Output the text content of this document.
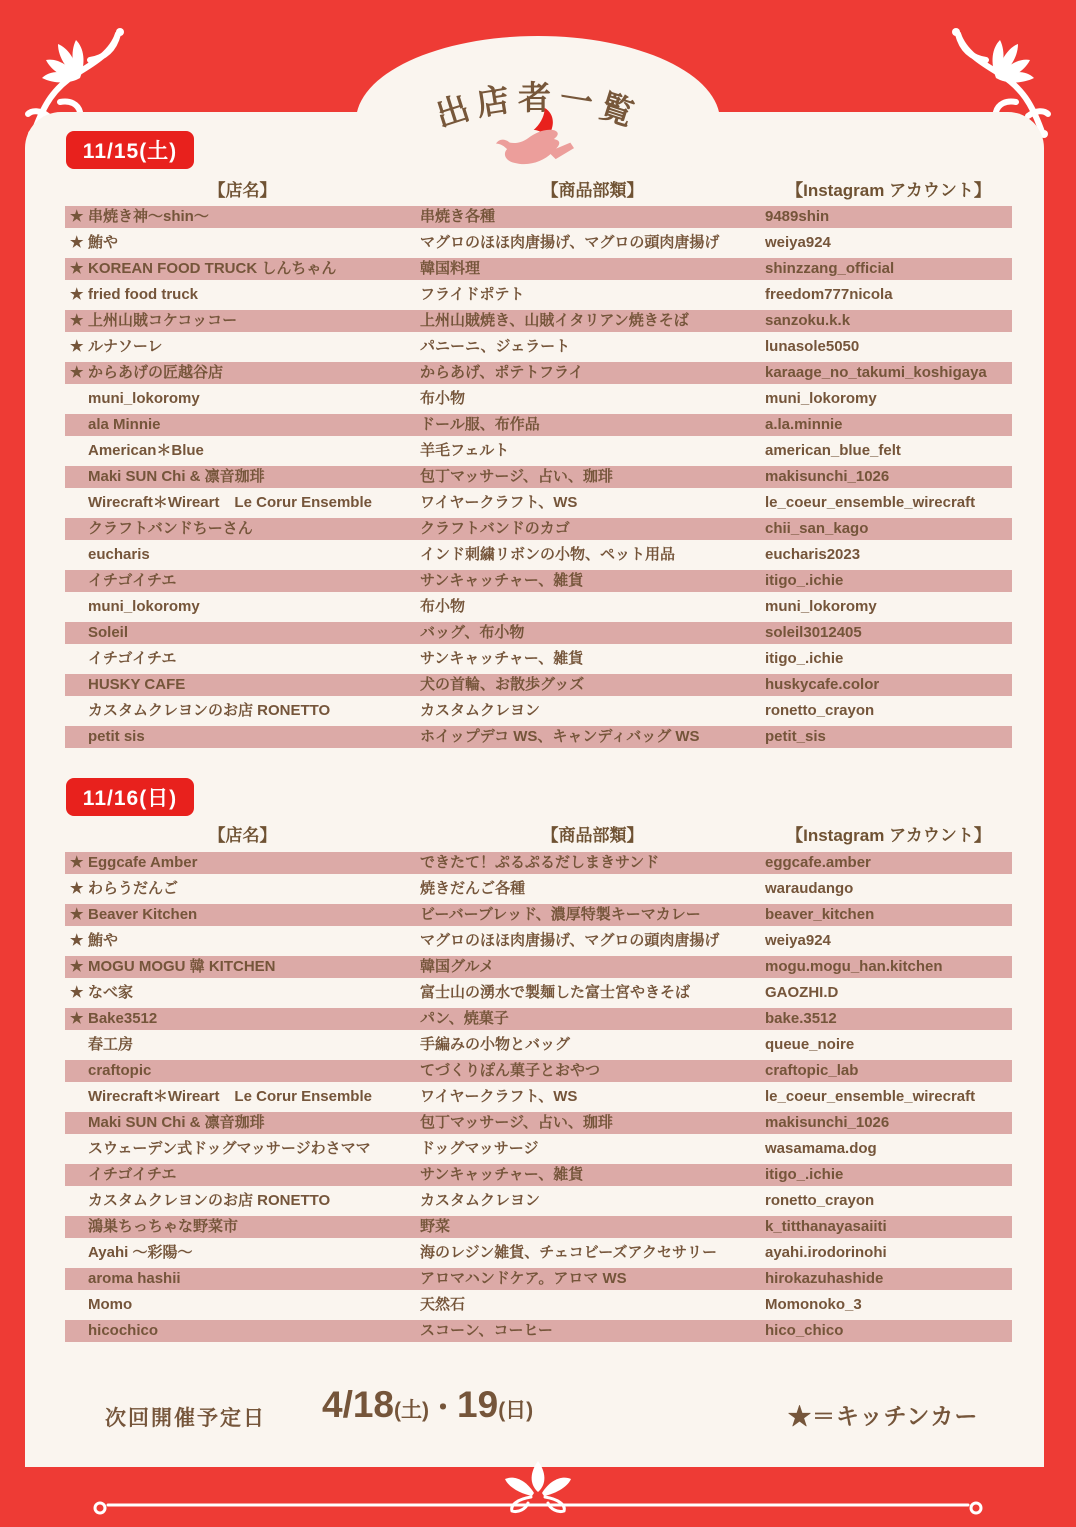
出店者一覧
11/15(土)
【店名】	【商品部類】	【Instagram アカウント】
★ 串焼き神～shin～	串焼き各種	9489shin
★ 鮪や	マグロのほほ肉唐揚げ、マグロの頭肉唐揚げ	weiya924
★ KOREAN FOOD TRUCK しんちゃん	韓国料理	shinzzang_official
★ fried food truck	フライドポテト	freedom777nicola
★ 上州山賊コケコッコー	上州山賊焼き、山賊イタリアン焼きそば	sanzoku.k.k
★ ルナソーレ	パニーニ、ジェラート	lunasole5050
★ からあげの匠越谷店	からあげ、ポテトフライ	karaage_no_takumi_koshigaya
muni_lokoromy	布小物	muni_lokoromy
ala Minnie	ドール服、布作品	a.la.minnie
American＊Blue	羊毛フェルト	american_blue_felt
Maki SUN Chi & 凛音珈琲	包丁マッサージ、占い、珈琲	makisunchi_1026
Wirecraft＊Wireart　Le Corur Ensemble	ワイヤークラフト、WS	le_coeur_ensemble_wirecraft
クラフトバンドちーさん	クラフトバンドのカゴ	chii_san_kago
eucharis	インド刺繍リボンの小物、ペット用品	eucharis2023
イチゴイチエ	サンキャッチャー、雑貨	itigo_.ichie
muni_lokoromy	布小物	muni_lokoromy
Soleil	バッグ、布小物	soleil3012405
イチゴイチエ	サンキャッチャー、雑貨	itigo_.ichie
HUSKY CAFE	犬の首輪、お散歩グッズ	huskycafe.color
カスタムクレヨンのお店 RONETTO	カスタムクレヨン	ronetto_crayon
petit sis	ホイップデコ WS、キャンディバッグ WS	petit_sis
11/16(日)
【店名】	【商品部類】	【Instagram アカウント】
★ Eggcafe Amber	できたて！ぷるぷるだしまきサンド	eggcafe.amber
★ わらうだんご	焼きだんご各種	waraudango
★ Beaver Kitchen	ビーバーブレッド、濃厚特製キーマカレー	beaver_kitchen
★ 鮪や	マグロのほほ肉唐揚げ、マグロの頭肉唐揚げ	weiya924
★ MOGU MOGU 韓 KITCHEN	韓国グルメ	mogu.mogu_han.kitchen
★ なべ家	富士山の湧水で製麺した富士宮やきそば	GAOZHI.D
★ Bake3512	パン、焼菓子	bake.3512
春工房	手編みの小物とバッグ	queue_noire
craftopic	てづくりぽん菓子とおやつ	craftopic_lab
Wirecraft＊Wireart　Le Corur Ensemble	ワイヤークラフト、WS	le_coeur_ensemble_wirecraft
Maki SUN Chi & 凛音珈琲	包丁マッサージ、占い、珈琲	makisunchi_1026
スウェーデン式ドッグマッサージわさママ	ドッグマッサージ	wasamama.dog
イチゴイチエ	サンキャッチャー、雑貨	itigo_.ichie
カスタムクレヨンのお店 RONETTO	カスタムクレヨン	ronetto_crayon
鴻巣ちっちゃな野菜市	野菜	k_titthanayasaiiti
Ayahi ～彩陽～	海のレジン雑貨、チェコビーズアクセサリー	ayahi.irodorinohi
aroma hashii	アロマハンドケア。アロマ WS	hirokazuhashide
Momo	天然石	Momonoko_3
hicochico	スコーン、コーヒー	hico_chico
次回開催予定日 4/18(土)・19(日)	★＝キッチンカー
